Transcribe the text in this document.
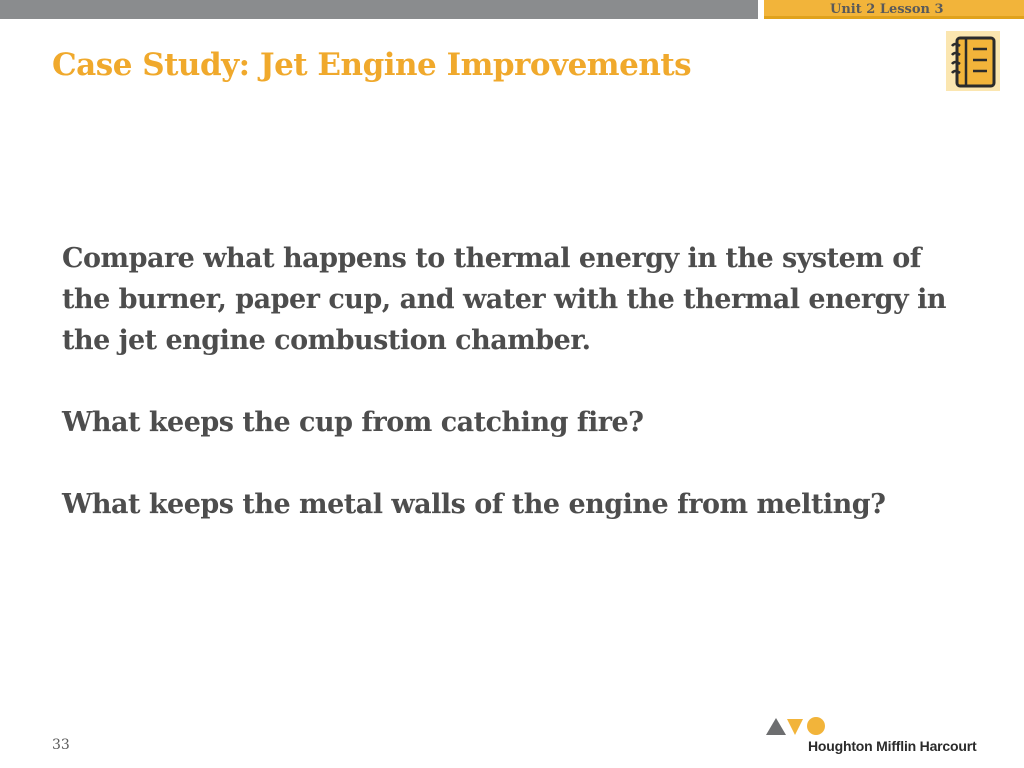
Unit 2 Lesson 3
Case Study: Jet Engine Improvements

Compare what happens to thermal energy in the system of the burner, paper cup, and water with the thermal energy in the jet engine combustion chamber.

What keeps the cup from catching fire?

What keeps the metal walls of the engine from melting?

33	Houghton Mifflin Harcourt
